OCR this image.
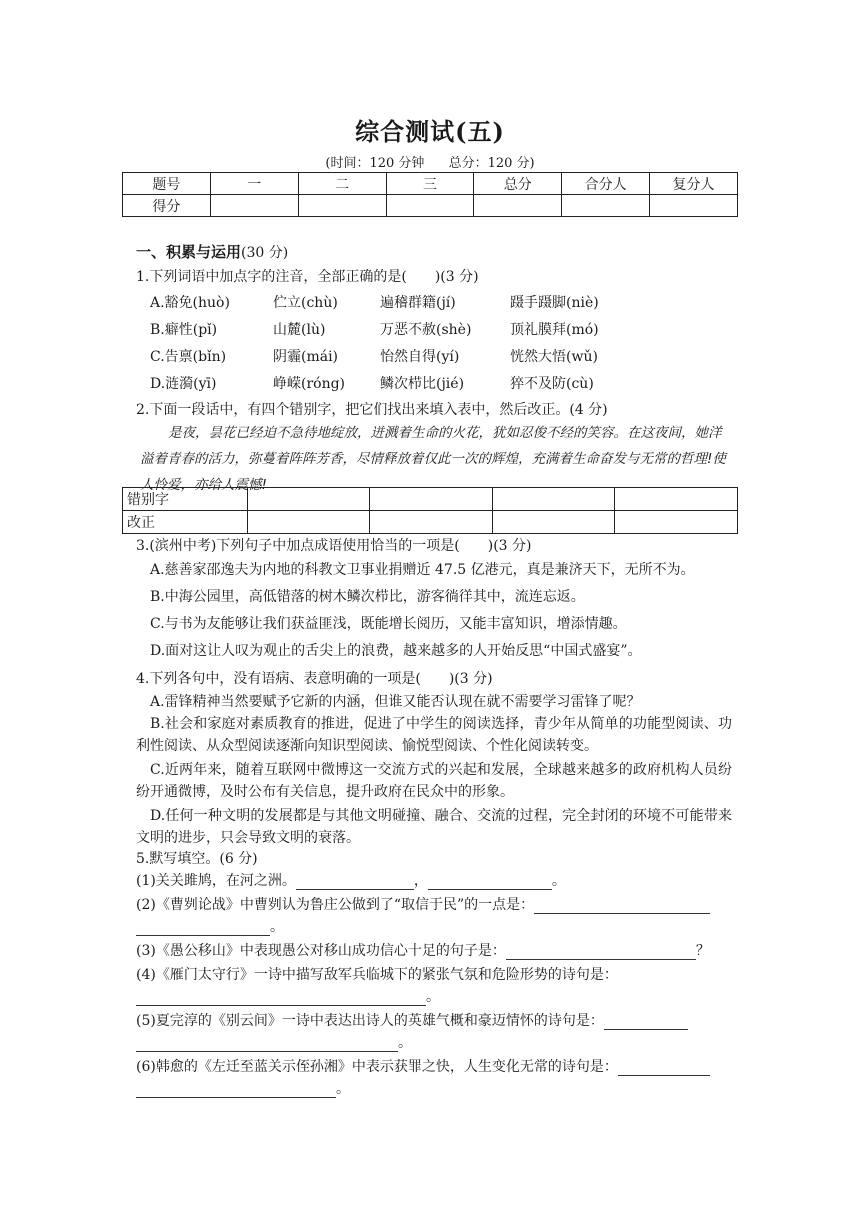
综合测试(五)
(时间：120 分钟 总分：120 分)
题号	一	二	三	总分	合分人	复分人
得分						
一、积累与运用(30 分)
1.下列词语中加点字的注音，全部正确的是(　　)(3 分)
A.豁免(huò)	伫立(chù)	遍稽群籍(jí)	蹑手蹑脚(niè)
B.癖性(pǐ)	山麓(lù)	万恶不赦(shè)	顶礼膜拜(mó)
C.告禀(bǐn)	阴霾(mái)	怡然自得(yí)	恍然大悟(wǔ)
D.涟漪(yī)	峥嵘(róng) 鳞次栉比(jié)	猝不及防(cù)
2.下面一段话中，有四个错别字，把它们找出来填入表中，然后改正。(4 分)
是夜，昙花已经迫不急待地绽放，迸溅着生命的火花，犹如忍俊不经的笑容。在这夜间，她洋溢着青春的活力，弥蔓着阵阵芳香，尽情释放着仅此一次的辉煌，充满着生命奋发与无常的哲理!使人怜爱，亦给人震憾!
错别字				
改正				
3.(滨州中考)下列句子中加点成语使用恰当的一项是(　　)(3 分)
A.慈善家邵逸夫为内地的科教文卫事业捐赠近 47.5 亿港元，真是兼济天下，无所不为。
B.中海公园里，高低错落的树木鳞次栉比，游客徜徉其中，流连忘返。
C.与书为友能够让我们获益匪浅，既能增长阅历，又能丰富知识，增添情趣。
D.面对这让人叹为观止的舌尖上的浪费，越来越多的人开始反思“中国式盛宴”。
4.下列各句中，没有语病、表意明确的一项是(　　)(3 分)
A.雷锋精神当然要赋予它新的内涵，但谁又能否认现在就不需要学习雷锋了呢？
B.社会和家庭对素质教育的推进，促进了中学生的阅读选择，青少年从简单的功能型阅读、功利性阅读、从众型阅读逐渐向知识型阅读、愉悦型阅读、个性化阅读转变。
C.近两年来，随着互联网中微博这一交流方式的兴起和发展，全球越来越多的政府机构人员纷纷开通微博，及时公布有关信息，提升政府在民众中的形象。
D.任何一种文明的发展都是与其他文明碰撞、融合、交流的过程，完全封闭的环境不可能带来文明的进步，只会导致文明的衰落。
5.默写填空。(6 分)
(1)关关雎鸠，在河之洲。	，	。
(2)《曹刿论战》中曹刿认为鲁庄公做到了“取信于民”的一点是：
。
(3)《愚公移山》中表现愚公对移山成功信心十足的句子是：	？
(4)《雁门太守行》一诗中描写敌军兵临城下的紧张气氛和危险形势的诗句是：
。
(5)夏完淳的《别云间》一诗中表达出诗人的英雄气概和豪迈情怀的诗句是：
。
(6)韩愈的《左迁至蓝关示侄孙湘》中表示获罪之快，人生变化无常的诗句是：
。
